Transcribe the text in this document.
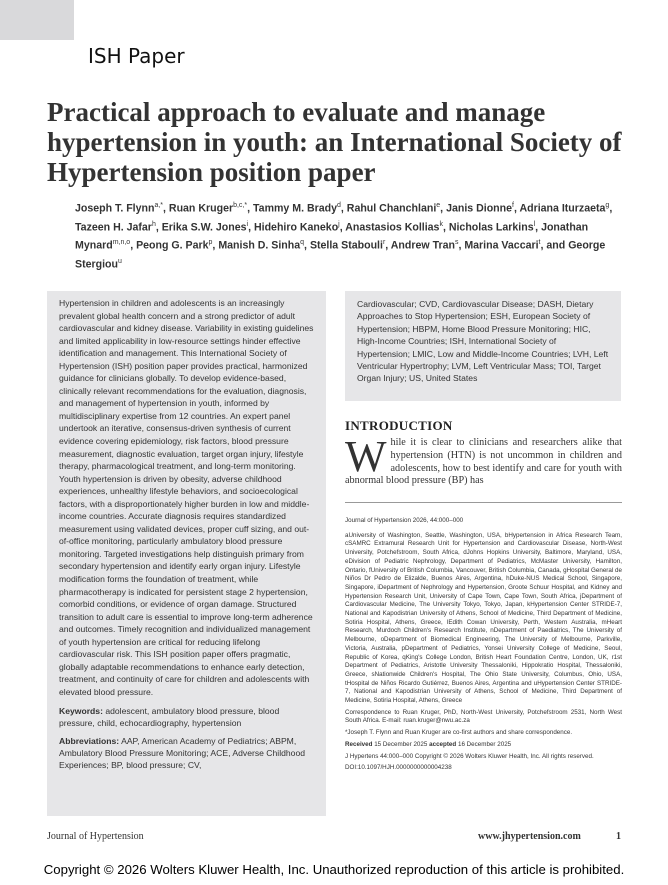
ISH Paper
Practical approach to evaluate and manage hypertension in youth: an International Society of Hypertension position paper
Joseph T. Flynn$^{a,*}$, Ruan Kruger$^{b,c,*}$, Tammy M. Brady$^d$, Rahul Chanchlani$^e$, Janis Dionne$^f$, Adriana Iturzaeta$^g$, Tazeen H. Jafar$^h$, Erika S.W. Jones$^i$, Hidehiro Kaneko$^j$, Anastasios Kollias$^k$, Nicholas Larkins$^l$, Jonathan Mynard$^{m,n,o}$, Peong G. Park$^p$, Manish D. Sinha$^q$, Stella Stabouli$^r$, Andrew Tran$^s$, Marina Vaccari$^t$, and George Stergiou$^u$

Hypertension in children and adolescents is an increasingly prevalent global health concern and a strong predictor of adult cardiovascular and kidney disease. Variability in existing guidelines and limited applicability in low-resource settings hinder effective identification and management. This International Society of Hypertension (ISH) position paper provides practical, harmonized guidance for clinicians globally. To develop evidence-based, clinically relevant recommendations for the evaluation, diagnosis, and management of hypertension in youth, informed by multidisciplinary expertise from 12 countries. An expert panel undertook an iterative, consensus-driven synthesis of current evidence covering epidemiology, risk factors, blood pressure measurement, diagnostic evaluation, target organ injury, lifestyle therapy, pharmacological treatment, and long-term monitoring. Youth hypertension is driven by obesity, adverse childhood experiences, unhealthy lifestyle behaviors, and socioecological factors, with a disproportionately higher burden in low and middle-income countries. Accurate diagnosis requires standardized measurement using validated devices, proper cuff sizing, and out-of-office monitoring, particularly ambulatory blood pressure monitoring. Targeted investigations help distinguish primary from secondary hypertension and identify early organ injury. Lifestyle modification forms the foundation of treatment, while pharmacotherapy is indicated for persistent stage 2 hypertension, comorbid conditions, or evidence of organ damage. Structured transition to adult care is essential to improve long-term adherence and outcomes. Timely recognition and individualized management of youth hypertension are critical for reducing lifelong cardiovascular risk. This ISH position paper offers pragmatic, globally adaptable recommendations to enhance early detection, treatment, and continuity of care for children and adolescents with elevated blood pressure.

Keywords: adolescent, ambulatory blood pressure, blood pressure, child, echocardiography, hypertension

Abbreviations: AAP, American Academy of Pediatrics; ABPM, Ambulatory Blood Pressure Monitoring; ACE, Adverse Childhood Experiences; BP, blood pressure; CV,

Cardiovascular; CVD, Cardiovascular Disease; DASH, Dietary Approaches to Stop Hypertension; ESH, European Society of Hypertension; HBPM, Home Blood Pressure Monitoring; HIC, High-Income Countries; ISH, International Society of Hypertension; LMIC, Low and Middle-Income Countries; LVH, Left Ventricular Hypertrophy; LVM, Left Ventricular Mass; TOI, Target Organ Injury; US, United States
INTRODUCTION
While it is clear to clinicians and researchers alike that hypertension (HTN) is not uncommon in children and adolescents, how to best identify and care for youth with abnormal blood pressure (BP) has

Journal of Hypertension 2026, 44:000–000

aUniversity of Washington, Seattle, Washington, USA, bHypertension in Africa Research Team, cSAMRC Extramural Research Unit for Hypertension and Cardiovascular Disease, North-West University, Potchefstroom, South Africa, dJohns Hopkins University, Baltimore, Maryland, USA, eDivision of Pediatric Nephrology, Department of Pediatrics, McMaster University, Hamilton, Ontario, fUniversity of British Columbia, Vancouver, British Columbia, Canada, gHospital General de Niños Dr Pedro de Elizalde, Buenos Aires, Argentina, hDuke-NUS Medical School, Singapore, Singapore, iDepartment of Nephrology and Hypertension, Groote Schuur Hospital, and Kidney and Hypertension Research Unit, University of Cape Town, Cape Town, South Africa, jDepartment of Cardiovascular Medicine, The University Tokyo, Tokyo, Japan, kHypertension Center STRIDE-7, National and Kapodistrian University of Athens, School of Medicine, Third Department of Medicine, Sotiria Hospital, Athens, Greece, lEdith Cowan University, Perth, Western Australia, mHeart Research, Murdoch Children's Research Institute, nDepartment of Paediatrics, The University of Melbourne, oDepartment of Biomedical Engineering, The University of Melbourne, Parkville, Victoria, Australia, pDepartment of Pediatrics, Yonsei University College of Medicine, Seoul, Republic of Korea, qKing's College London, British Heart Foundation Centre, London, UK, r1st Department of Pediatrics, Aristotle University Thessaloniki, Hippokratio Hospital, Thessaloniki, Greece, sNationwide Children's Hospital, The Ohio State University, Columbus, Ohio, USA, tHospital de Niños Ricardo Gutiérrez, Buenos Aires, Argentina and uHypertension Center STRIDE-7, National and Kapodistrian University of Athens, School of Medicine, Third Department of Medicine, Sotiria Hospital, Athens, Greece

Correspondence to Ruan Kruger, PhD, North-West University, Potchefstroom 2531, North West South Africa. E-mail: ruan.kruger@nwu.ac.za

*Joseph T. Flynn and Ruan Kruger are co-first authors and share correspondence.

Received 15 December 2025 accepted 16 December 2025

J Hypertens 44:000–000 Copyright © 2026 Wolters Kluwer Health, Inc. All rights reserved.

DOI:10.1097/HJH.0000000000004238

Journal of Hypertension	www.jhypertension.com	1
Copyright © 2026 Wolters Kluwer Health, Inc. Unauthorized reproduction of this article is prohibited.
